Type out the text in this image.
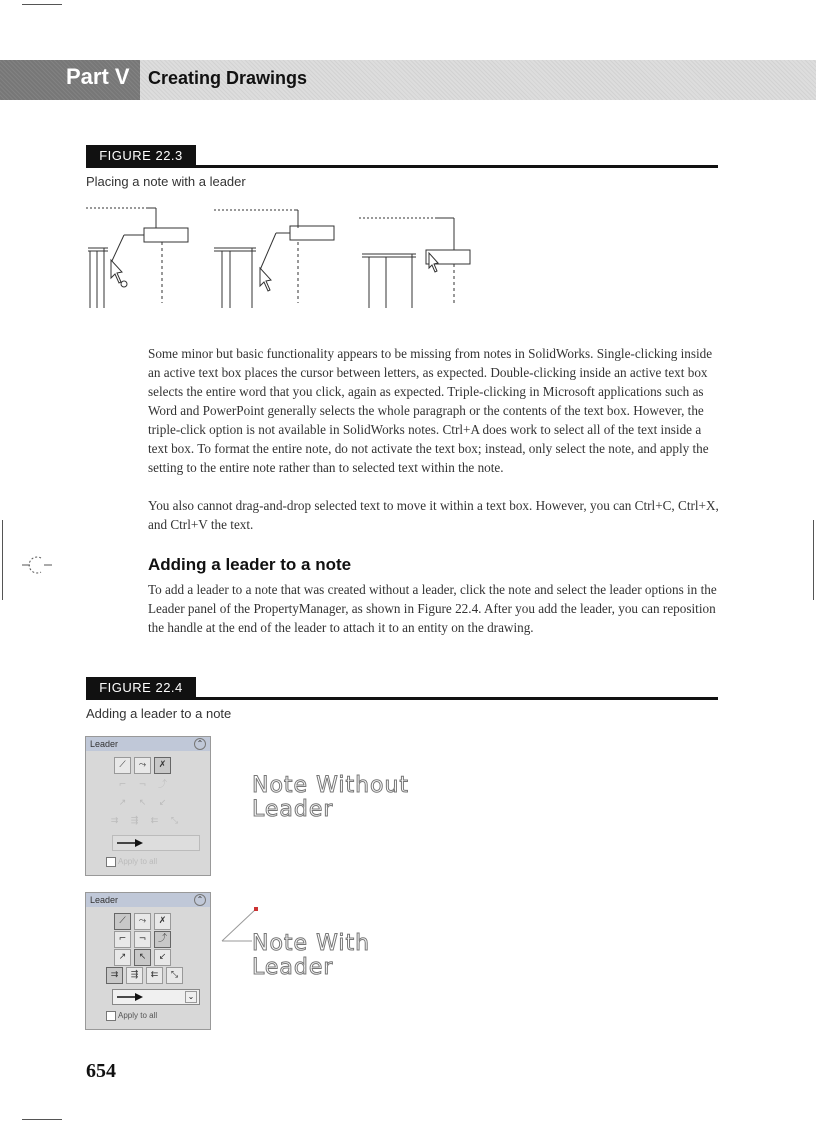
Part V Creating Drawings
FIGURE 22.3
Placing a note with a leader

Some minor but basic functionality appears to be missing from notes in SolidWorks. Single-clicking inside an active text box places the cursor between letters, as expected. Double-clicking inside an active text box selects the entire word that you click, again as expected. Triple-clicking in Microsoft applications such as Word and PowerPoint generally selects the whole paragraph or the contents of the text box. However, the triple-click option is not available in SolidWorks notes. Ctrl+A does work to select all of the text inside a text box. To format the entire note, do not activate the text box; instead, only select the note, and apply the setting to the entire note rather than to selected text within the note.

You also cannot drag-and-drop selected text to move it within a text box. However, you can Ctrl+C, Ctrl+X, and Ctrl+V the text.

Adding a leader to a note

To add a leader to a note that was created without a leader, click the note and select the leader options in the Leader panel of the PropertyManager, as shown in Figure 22.4. After you add the leader, you can reposition the handle at the end of the leader to attach it to an entity on the drawing.

FIGURE 22.4
Adding a leader to a note
Leader	⌃
⟋	⤳	✗
⌐	¬	⤴
↗	↖	↙
⇉	⇶	⇇	⤡
Apply to all
Note Without
Leader
Leader	⌃
⟋	⤳	✗
⌐	¬	⤴
↗	↖	↙
⇉	⇶	⇇	⤡
⌄
Apply to all
Note With
Leader
654
